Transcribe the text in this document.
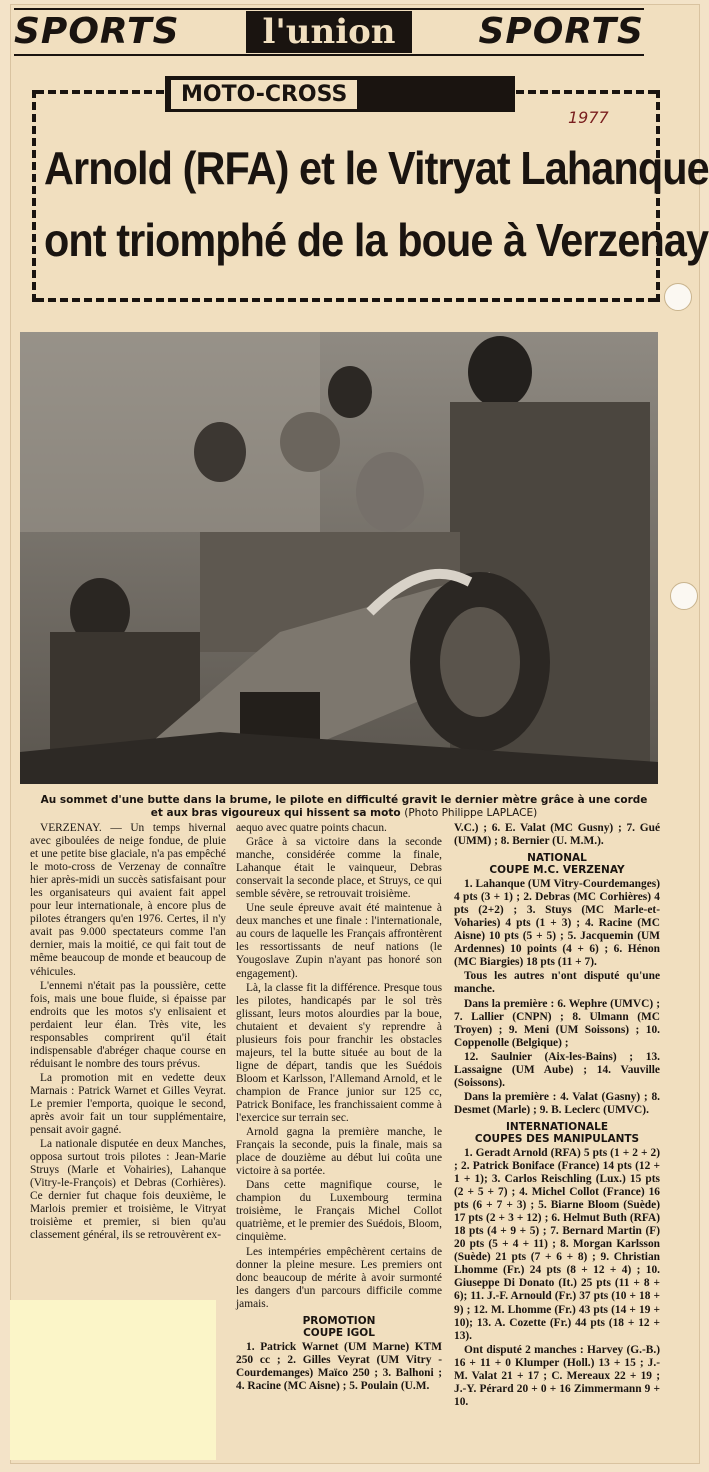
SPORTS	l'union	SPORTS
MOTO-CROSS
1977
Arnold (RFA) et le Vitryat Lahanque
ont triomphé de la boue à Verzenay
Au sommet d'une butte dans la brume, le pilote en difficulté gravit le dernier mètre grâce à une corde
et aux bras vigoureux qui hissent sa moto (Photo Philippe LAPLACE)

VERZENAY. — Un temps hivernal avec giboulées de neige fondue, de pluie et une petite bise glaciale, n'a pas empêché le moto-cross de Verzenay de connaître hier après-midi un succès satisfaisant pour les organisateurs qui avaient fait appel pour leur internationale, à encore plus de pilotes étrangers qu'en 1976. Certes, il n'y avait pas 9.000 spectateurs comme l'an dernier, mais la moitié, ce qui fait tout de même beaucoup de monde et beaucoup de véhicules.

L'ennemi n'était pas la poussière, cette fois, mais une boue fluide, si épaisse par endroits que les motos s'y enlisaient et perdaient leur élan. Très vite, les responsables comprirent qu'il était indispensable d'abréger chaque course en réduisant le nombre des tours prévus.

La promotion mit en vedette deux Marnais : Patrick Warnet et Gilles Veyrat. Le premier l'emporta, quoique le second, après avoir fait un tour supplémentaire, pensait avoir gagné.

La nationale disputée en deux Manches, opposa surtout trois pilotes : Jean-Marie Struys (Marle et Vohairies), Lahanque (Vitry-le-François) et Debras (Corhières). Ce dernier fut chaque fois deuxième, le Marlois premier et troisième, le Vitryat troisième et premier, si bien qu'au classement général, ils se retrouvèrent ex-

aequo avec quatre points chacun.

Grâce à sa victoire dans la seconde manche, considérée comme la finale, Lahanque était le vainqueur, Debras conservait la seconde place, et Struys, ce qui semble sévère, se retrouvait troisième.

Une seule épreuve avait été maintenue à deux manches et une finale : l'internationale, au cours de laquelle les Français affrontèrent les ressortissants de neuf nations (le Yougoslave Zupin n'ayant pas honoré son engagement).

Là, la classe fit la différence. Presque tous les pilotes, handicapés par le sol très glissant, leurs motos alourdies par la boue, chutaient et devaient s'y reprendre à plusieurs fois pour franchir les obstacles majeurs, tel la butte située au bout de la ligne de départ, tandis que les Suédois Bloom et Karlsson, l'Allemand Arnold, et le champion de France junior sur 125 cc, Patrick Boniface, les franchissaient comme à l'exercice sur terrain sec.

Arnold gagna la première manche, le Français la seconde, puis la finale, mais sa place de douzième au début lui coûta une victoire à sa portée.

Dans cette magnifique course, le champion du Luxembourg termina troisième, le Français Michel Collot quatrième, et le premier des Suédois, Bloom, cinquième.

Les intempéries empêchèrent certains de donner la pleine mesure. Les premiers ont donc beaucoup de mérite à avoir surmonté les dangers d'un parcours difficile comme jamais.

PROMOTION
COUPE IGOL

1. Patrick Warnet (UM Marne) KTM 250 cc ; 2. Gilles Veyrat (UM Vitry - Courdemanges) Maïco 250 ; 3. Balhoni ; 4. Racine (MC Aisne) ; 5. Poulain (U.M.

V.C.) ; 6. E. Valat (MC Gusny) ; 7. Gué (UMM) ; 8. Bernier (U. M.M.).

NATIONAL
COUPE M.C. VERZENAY

1. Lahanque (UM Vitry-Courdemanges) 4 pts (3 + 1) ; 2. Debras (MC Corhières) 4 pts (2+2) ; 3. Stuys (MC Marle-et-Voharies) 4 pts (1 + 3) ; 4. Racine (MC Aisne) 10 pts (5 + 5) ; 5. Jacquemin (UM Ardennes) 10 points (4 + 6) ; 6. Hénon (MC Biargies) 18 pts (11 + 7).

Tous les autres n'ont disputé qu'une manche.

Dans la première : 6. Wephre (UMVC) ; 7. Lallier (CNPN) ; 8. Ulmann (MC Troyen) ; 9. Meni (UM Soissons) ; 10. Coppenolle (Belgique) ;

12. Saulnier (Aix-les-Bains) ; 13. Lassaigne (UM Aube) ; 14. Vauville (Soissons).

Dans la première : 4. Valat (Gasny) ; 8. Desmet (Marle) ; 9. B. Leclerc (UMVC).

INTERNATIONALE
COUPES DES MANIPULANTS

1. Geradt Arnold (RFA) 5 pts (1 + 2 + 2) ; 2. Patrick Boniface (France) 14 pts (12 + 1 + 1); 3. Carlos Reischling (Lux.) 15 pts (2 + 5 + 7) ; 4. Michel Collot (France) 16 pts (6 + 7 + 3) ; 5. Biarne Bloom (Suède) 17 pts (2 + 3 + 12) ; 6. Helmut Buth (RFA) 18 pts (4 + 9 + 5) ; 7. Bernard Martin (F) 20 pts (5 + 4 + 11) ; 8. Morgan Karlsson (Suède) 21 pts (7 + 6 + 8) ; 9. Christian Lhomme (Fr.) 24 pts (8 + 12 + 4) ; 10. Giuseppe Di Donato (It.) 25 pts (11 + 8 + 6); 11. J.-F. Arnould (Fr.) 37 pts (10 + 18 + 9) ; 12. M. Lhomme (Fr.) 43 pts (14 + 19 + 10); 13. A. Cozette (Fr.) 44 pts (18 + 12 + 13).

Ont disputé 2 manches : Harvey (G.-B.) 16 + 11 + 0 Klumper (Holl.) 13 + 15 ; J.-M. Valat 21 + 17 ; C. Mereaux 22 + 19 ; J.-Y. Pérard 20 + 0 + 16 Zimmermann 9 + 10.
